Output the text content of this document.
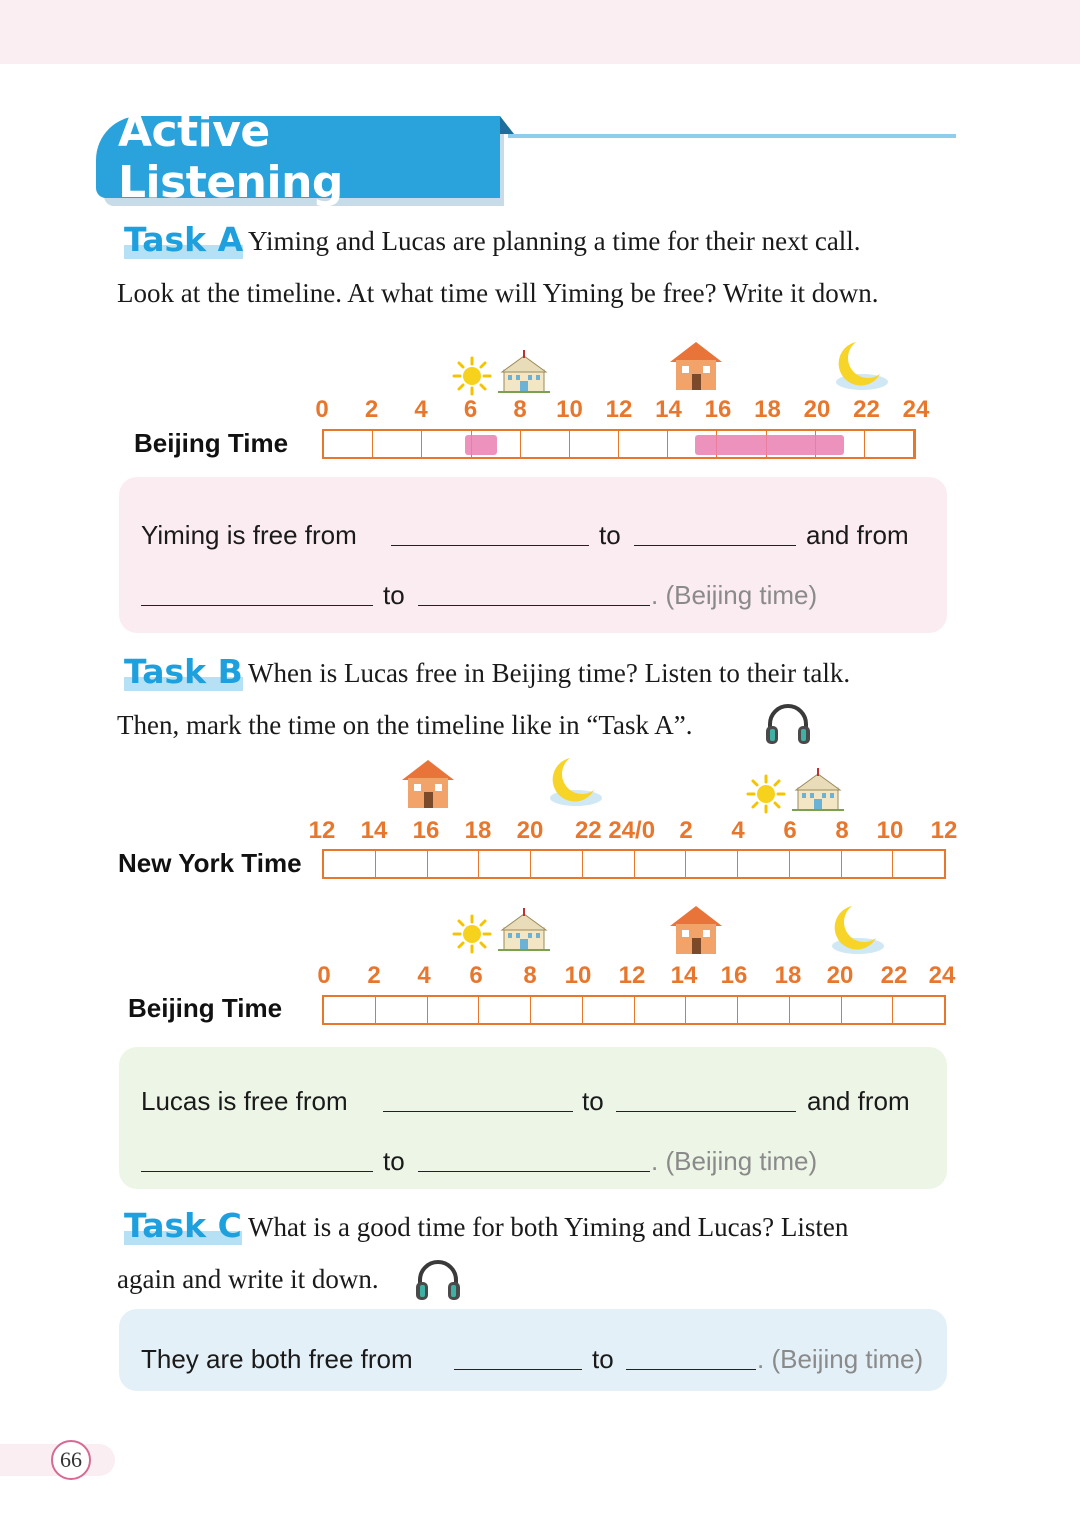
Active Listening
Task A Yiming and Lucas are planning a time for their next call.
Look at the timeline. At what time will Yiming be free? Write it down.
0 2 4 6 8 10 12 14 16 18 20 22 24
Beijing Time
Yiming is free from	to	and from
to	. (Beijing time)
Task B When is Lucas free in Beijing time? Listen to their talk.
Then, mark the time on the timeline like in “Task A”.
12 14 16 18 20 22 24/0 2 4 6 8 10 12
New York Time
0 2 4 6 8 10 12 14 16 18 20 22 24
Beijing Time
Lucas is free from	to	and from
to	. (Beijing time)
Task C What is a good time for both Yiming and Lucas? Listen
again and write it down.
They are both free from	to	. (Beijing time)
66
